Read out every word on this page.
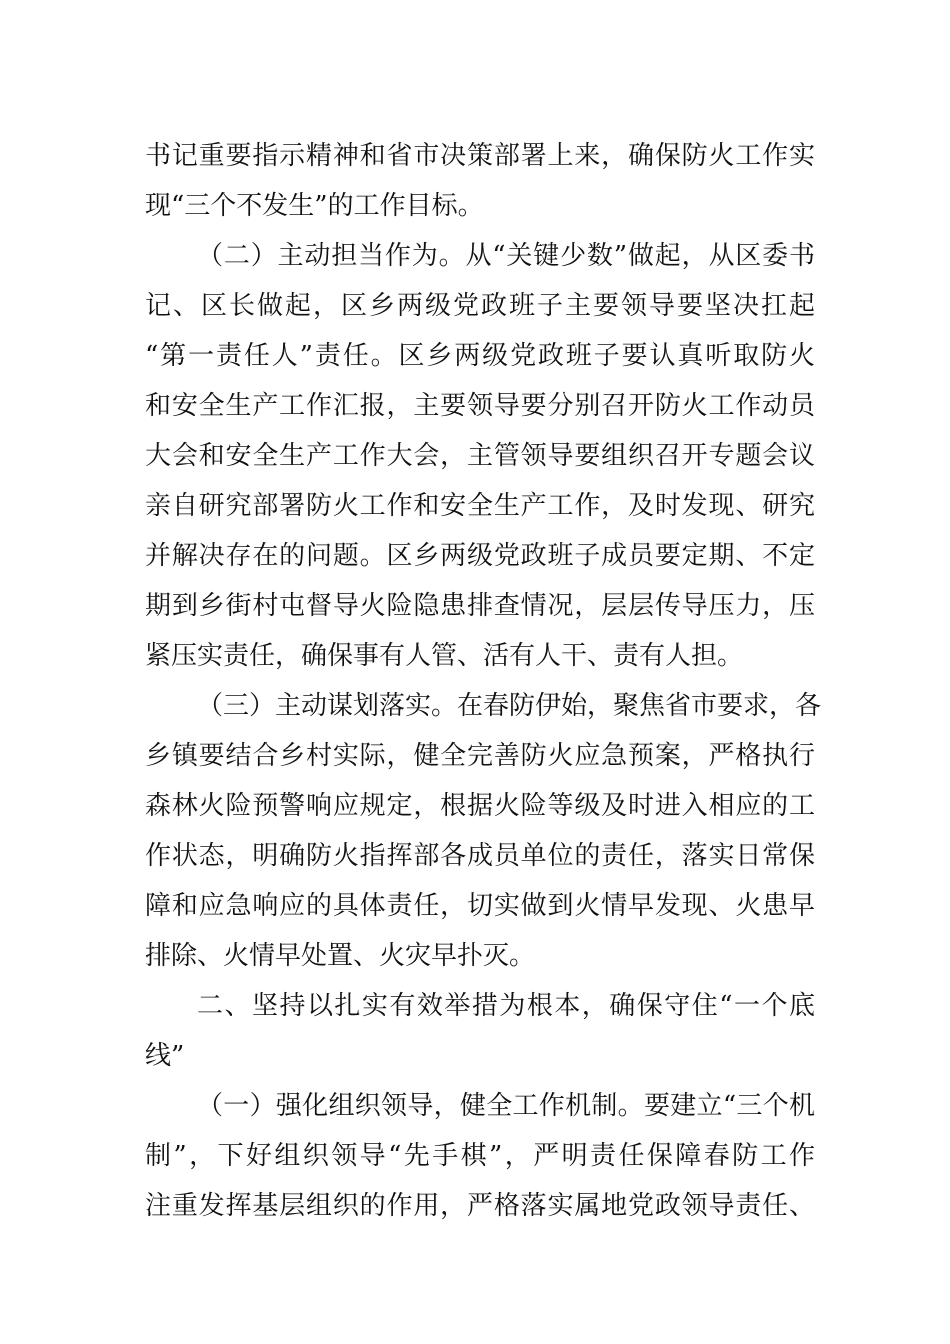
书记重要指示精神和省市决策部署上来，确保防火工作实
现“三个不发生”的工作目标。
（二）主动担当作为。从“关键少数”做起，从区委书
记、区长做起，区乡两级党政班子主要领导要坚决扛起
“第一责任人”责任。区乡两级党政班子要认真听取防火
和安全生产工作汇报，主要领导要分别召开防火工作动员
大会和安全生产工作大会，主管领导要组织召开专题会议
亲自研究部署防火工作和安全生产工作，及时发现、研究
并解决存在的问题。区乡两级党政班子成员要定期、不定
期到乡街村屯督导火险隐患排查情况，层层传导压力，压
紧压实责任，确保事有人管、活有人干、责有人担。
（三）主动谋划落实。在春防伊始，聚焦省市要求，各
乡镇要结合乡村实际，健全完善防火应急预案，严格执行
森林火险预警响应规定，根据火险等级及时进入相应的工
作状态，明确防火指挥部各成员单位的责任，落实日常保
障和应急响应的具体责任，切实做到火情早发现、火患早
排除、火情早处置、火灾早扑灭。
二、坚持以扎实有效举措为根本，确保守住“一个底
线”
（一）强化组织领导，健全工作机制。要建立“三个机
制”，下好组织领导“先手棋”，严明责任保障春防工作
注重发挥基层组织的作用，严格落实属地党政领导责任、
